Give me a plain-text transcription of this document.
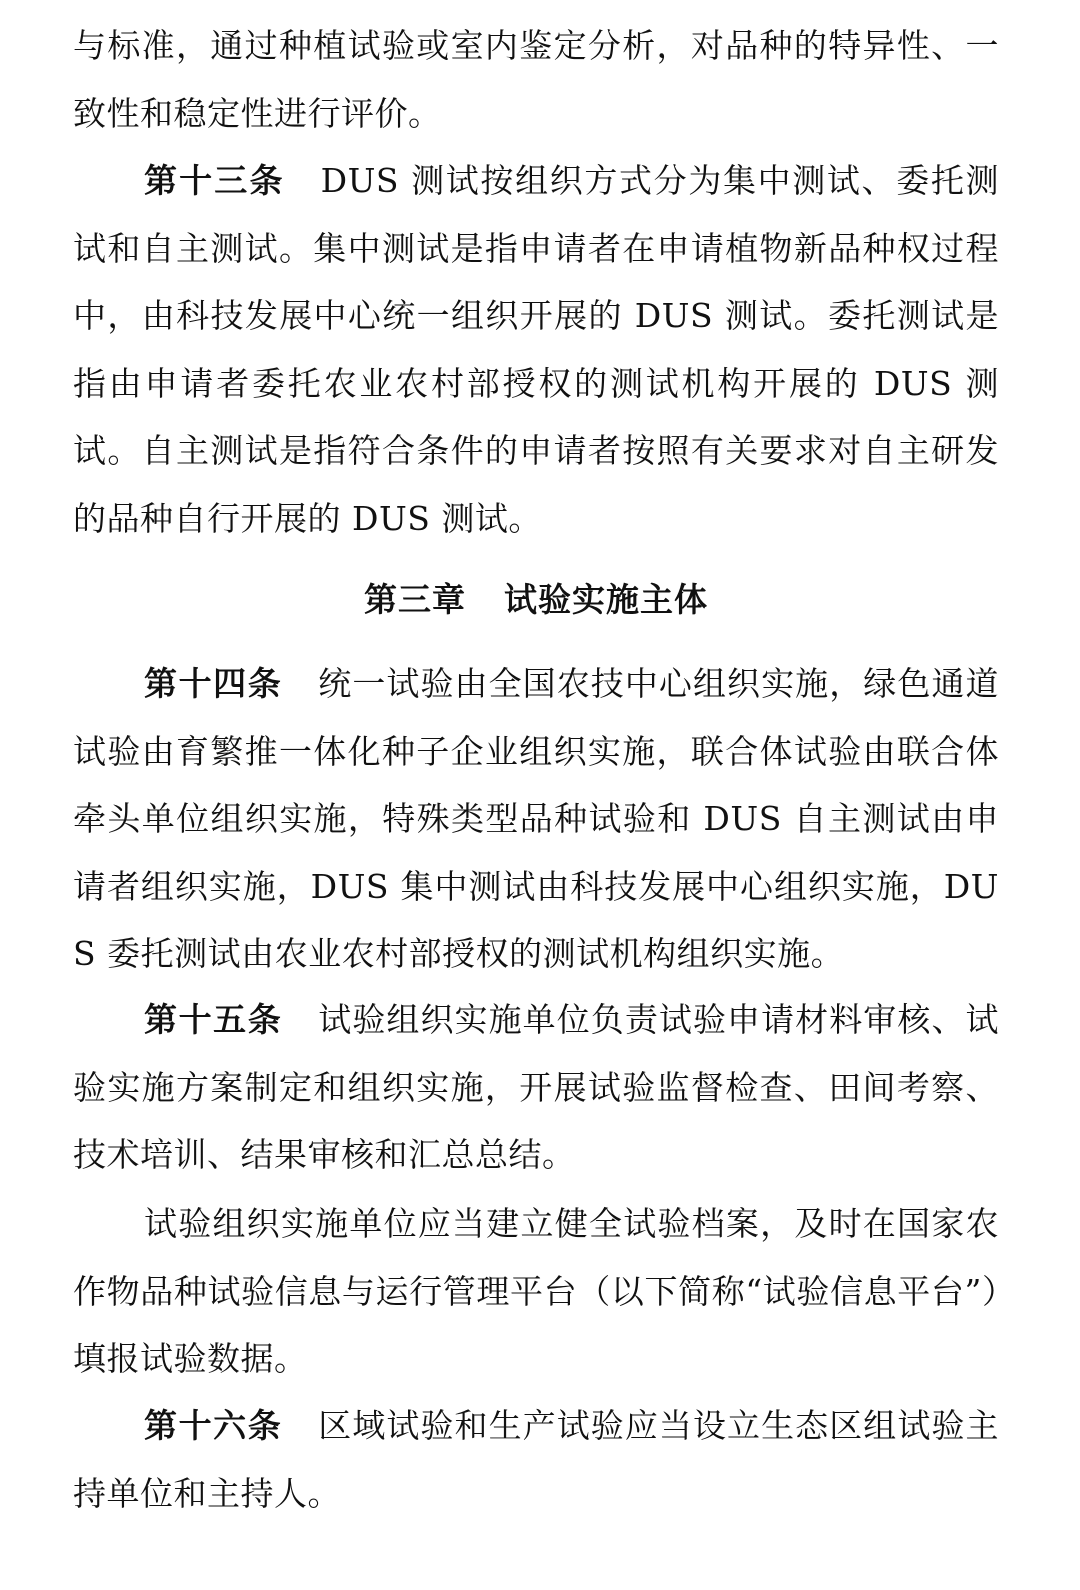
与标准，通过种植试验或室内鉴定分析，对品种的特异性、一致性和稳定性进行评价。

第十三条 DUS 测试按组织方式分为集中测试、委托测试和自主测试。集中测试是指申请者在申请植物新品种权过程中，由科技发展中心统一组织开展的 DUS 测试。委托测试是指由申请者委托农业农村部授权的测试机构开展的 DUS 测试。自主测试是指符合条件的申请者按照有关要求对自主研发的品种自行开展的 DUS 测试。

第三章 试验实施主体

第十四条 统一试验由全国农技中心组织实施，绿色通道试验由育繁推一体化种子企业组织实施，联合体试验由联合体牵头单位组织实施，特殊类型品种试验和 DUS 自主测试由申请者组织实施，DUS 集中测试由科技发展中心组织实施，DUS 委托测试由农业农村部授权的测试机构组织实施。

第十五条 试验组织实施单位负责试验申请材料审核、试验实施方案制定和组织实施，开展试验监督检查、田间考察、技术培训、结果审核和汇总总结。

试验组织实施单位应当建立健全试验档案，及时在国家农作物品种试验信息与运行管理平台（以下简称“试验信息平台”）填报试验数据。

第十六条 区域试验和生产试验应当设立生态区组试验主持单位和主持人。
